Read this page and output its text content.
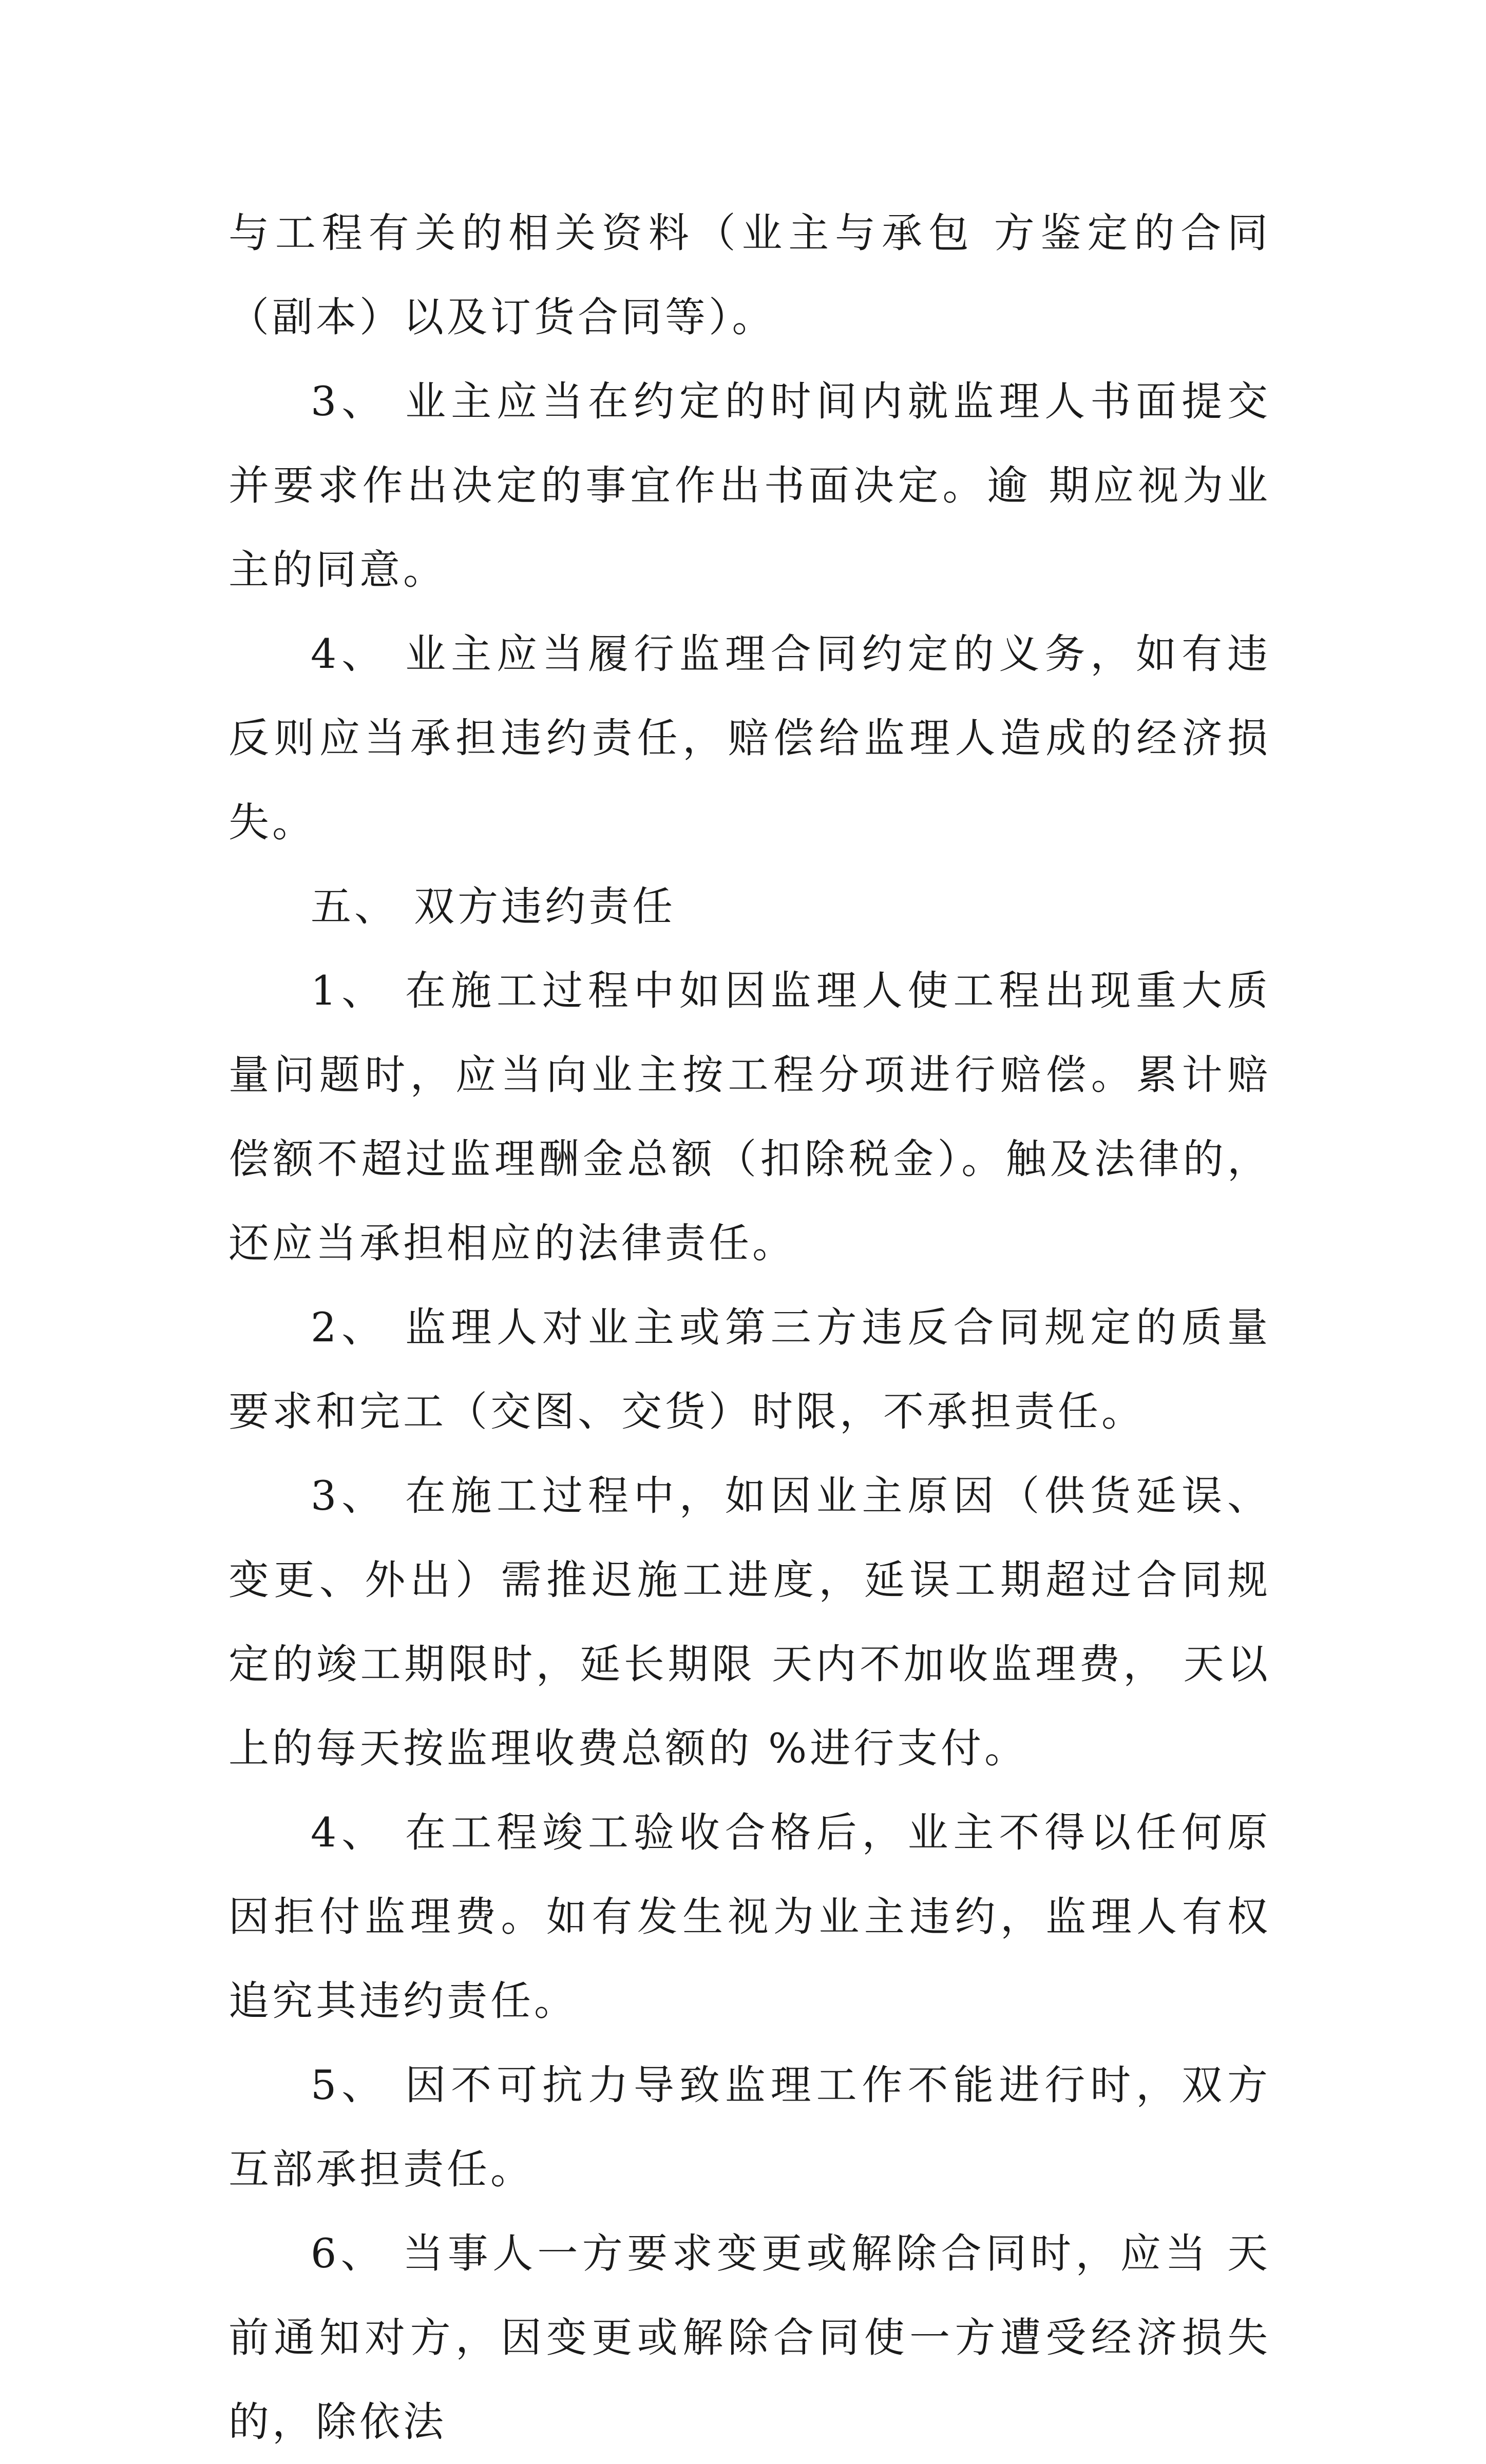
与工程有关的相关资料（业主与承包 方鉴定的合同（副本）以及订货合同等）。

3、 业主应当在约定的时间内就监理人书面提交并要求作出决定的事宜作出书面决定。逾 期应视为业主的同意。

4、 业主应当履行监理合同约定的义务，如有违反则应当承担违约责任，赔偿给监理人造成的经济损失。

五、 双方违约责任

1、 在施工过程中如因监理人使工程出现重大质量问题时，应当向业主按工程分项进行赔偿。累计赔偿额不超过监理酬金总额（扣除税金）。触及法律的，还应当承担相应的法律责任。

2、 监理人对业主或第三方违反合同规定的质量要求和完工（交图、交货）时限，不承担责任。

3、 在施工过程中，如因业主原因（供货延误、变更、外出）需推迟施工进度，延误工期超过合同规定的竣工期限时，延长期限 天内不加收监理费， 天以上的每天按监理收费总额的 %进行支付。

4、 在工程竣工验收合格后，业主不得以任何原因拒付监理费。如有发生视为业主违约，监理人有权追究其违约责任。

5、 因不可抗力导致监理工作不能进行时，双方互部承担责任。

6、 当事人一方要求变更或解除合同时，应当 天前通知对方，因变更或解除合同使一方遭受经济损失的，除依法
